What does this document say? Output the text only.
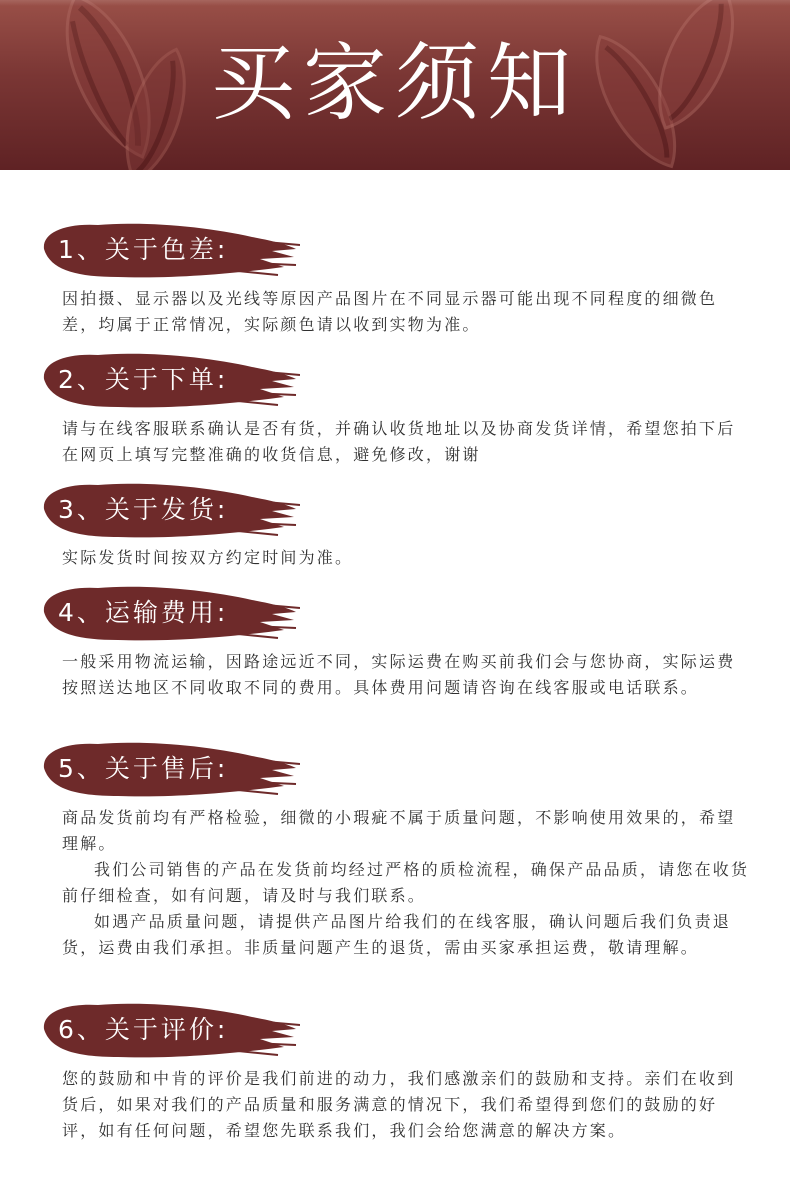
买家须知
1、关于色差:

因拍摄、显示器以及光线等原因产品图片在不同显示器可能出现不同程度的细微色差，均属于正常情况，实际颜色请以收到实物为准。

2、关于下单:

请与在线客服联系确认是否有货，并确认收货地址以及协商发货详情，希望您拍下后在网页上填写完整准确的收货信息，避免修改，谢谢

3、关于发货:

实际发货时间按双方约定时间为准。

4、运输费用:

一般采用物流运输，因路途远近不同，实际运费在购买前我们会与您协商，实际运费按照送达地区不同收取不同的费用。具体费用问题请咨询在线客服或电话联系。

5、关于售后:

商品发货前均有严格检验，细微的小瑕疵不属于质量问题，不影响使用效果的，希望理解。

我们公司销售的产品在发货前均经过严格的质检流程，确保产品品质，请您在收货前仔细检查，如有问题，请及时与我们联系。

如遇产品质量问题，请提供产品图片给我们的在线客服，确认问题后我们负责退货，运费由我们承担。非质量问题产生的退货，需由买家承担运费，敬请理解。

6、关于评价:

您的鼓励和中肯的评价是我们前进的动力，我们感激亲们的鼓励和支持。亲们在收到货后，如果对我们的产品质量和服务满意的情况下，我们希望得到您们的鼓励的好评，如有任何问题，希望您先联系我们，我们会给您满意的解决方案。
